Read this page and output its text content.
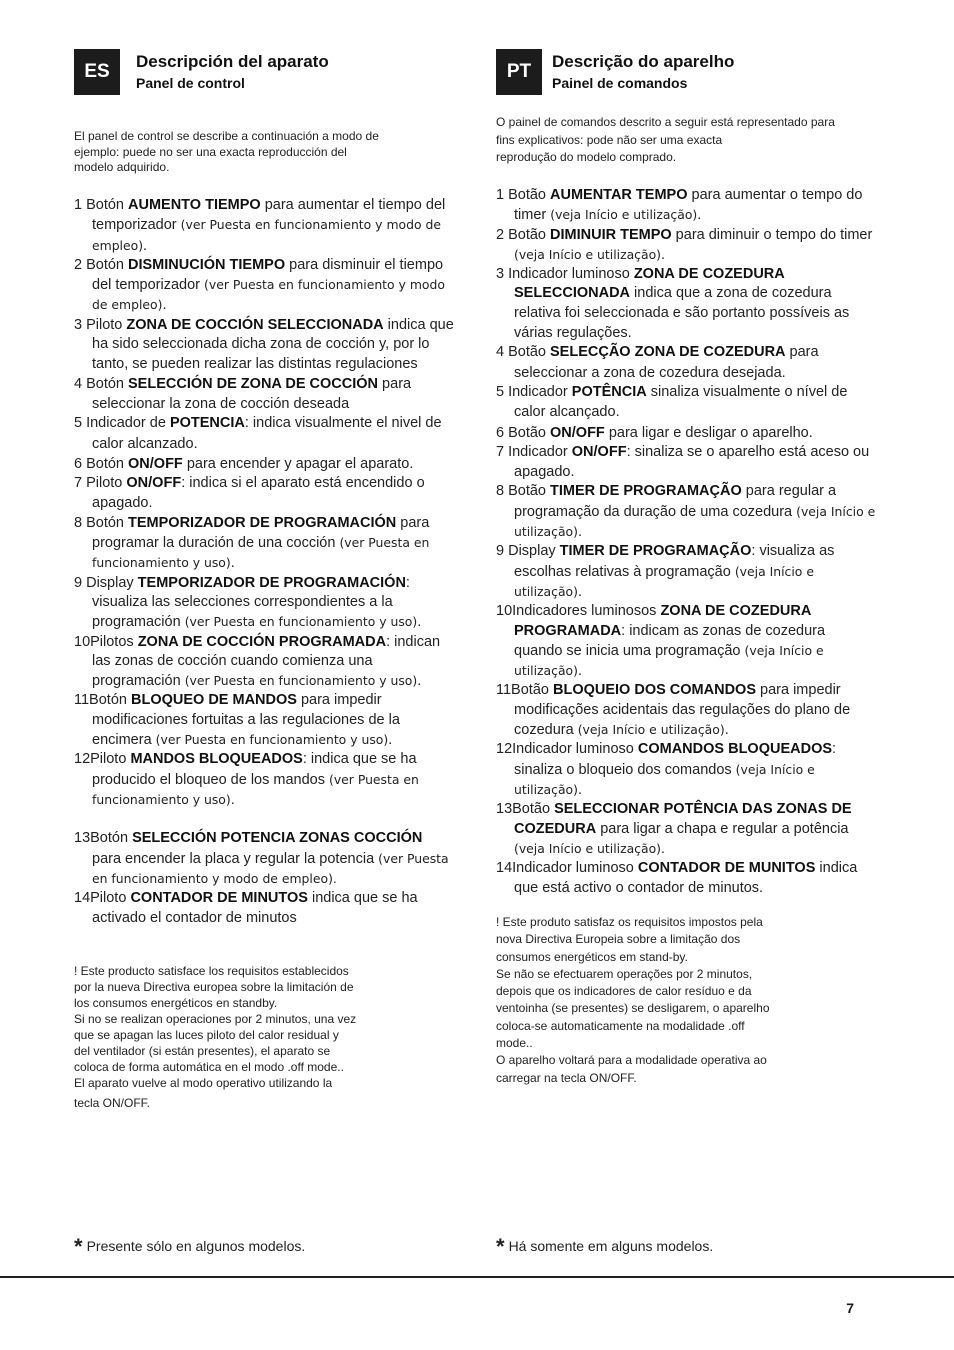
ES	Descripción del aparato
Panel de control

El panel de control se describe a continuación a modo de
ejemplo: puede no ser una exacta reproducción del
modelo adquirido.

1 Botón AUMENTO TIEMPO para aumentar el tiempo del temporizador (ver Puesta en funcionamiento y modo de empleo).
2 Botón DISMINUCIÓN TIEMPO para disminuir el tiempo del temporizador (ver Puesta en funcionamiento y modo de empleo).
3 Piloto ZONA DE COCCIÓN SELECCIONADA indica que ha sido seleccionada dicha zona de cocción y, por lo tanto, se pueden realizar las distintas regulaciones
4 Botón SELECCIÓN DE ZONA DE COCCIÓN para seleccionar la zona de cocción deseada
5 Indicador de POTENCIA: indica visualmente el nivel de calor alcanzado.
6 Botón ON/OFF para encender y apagar el aparato.
7 Piloto ON/OFF: indica si el aparato está encendido o apagado.
8 Botón TEMPORIZADOR DE PROGRAMACIÓN para programar la duración de una cocción (ver Puesta en funcionamiento y uso).
9 Display TEMPORIZADOR DE PROGRAMACIÓN: visualiza las selecciones correspondientes a la programación (ver Puesta en funcionamiento y uso).
10Pilotos ZONA DE COCCIÓN PROGRAMADA: indican las zonas de cocción cuando comienza una programación (ver Puesta en funcionamiento y uso).
11Botón BLOQUEO DE MANDOS para impedir modificaciones fortuitas a las regulaciones de la encimera (ver Puesta en funcionamiento y uso).
12Piloto MANDOS BLOQUEADOS: indica que se ha producido el bloqueo de los mandos (ver Puesta en funcionamiento y uso).
13Botón SELECCIÓN POTENCIA ZONAS COCCIÓN para encender la placa y regular la potencia (ver Puesta en funcionamiento y modo de empleo).
14Piloto CONTADOR DE MINUTOS indica que se ha activado el contador de minutos

! Este producto satisface los requisitos establecidos
por la nueva Directiva europea sobre la limitación de
los consumos energéticos en standby.
Si no se realizan operaciones por 2 minutos, una vez
que se apagan las luces piloto del calor residual y
del ventilador (si están presentes), el aparato se
coloca de forma automática en el modo .off mode..
El aparato vuelve al modo operativo utilizando la
tecla ON/OFF.

* Presente sólo en algunos modelos.
PT	Descrição do aparelho
Painel de comandos

O painel de comandos descrito a seguir está representado para
fins explicativos: pode não ser uma exacta
reprodução do modelo comprado.

1 Botão AUMENTAR TEMPO para aumentar o tempo do timer (veja Início e utilização).
2 Botão DIMINUIR TEMPO para diminuir o tempo do timer (veja Início e utilização).
3 Indicador luminoso ZONA DE COZEDURA SELECCIONADA indica que a zona de cozedura relativa foi seleccionada e são portanto possíveis as várias regulações.
4 Botão SELECÇÃO ZONA DE COZEDURA para seleccionar a zona de cozedura desejada.
5 Indicador POTÊNCIA sinaliza visualmente o nível de calor alcançado.
6 Botão ON/OFF para ligar e desligar o aparelho.
7 Indicador ON/OFF: sinaliza se o aparelho está aceso ou apagado.
8 Botão TIMER DE PROGRAMAÇÃO para regular a programação da duração de uma cozedura (veja Início e utilização).
9 Display TIMER DE PROGRAMAÇÃO: visualiza as escolhas relativas à programação (veja Início e utilização).
10Indicadores luminosos ZONA DE COZEDURA PROGRAMADA: indicam as zonas de cozedura quando se inicia uma programação (veja Início e utilização).
11Botão BLOQUEIO DOS COMANDOS para impedir modificações acidentais das regulações do plano de cozedura (veja Início e utilização).
12Indicador luminoso COMANDOS BLOQUEADOS: sinaliza o bloqueio dos comandos (veja Início e utilização).
13Botão SELECCIONAR POTÊNCIA DAS ZONAS DE COZEDURA para ligar a chapa e regular a potência (veja Início e utilização).
14Indicador luminoso CONTADOR DE MUNITOS indica que está activo o contador de minutos.

! Este produto satisfaz os requisitos impostos pela
nova Directiva Europeia sobre a limitação dos
consumos energéticos em stand-by.
Se não se efectuarem operações por 2 minutos,
depois que os indicadores de calor resíduo e da
ventoinha (se presentes) se desligarem, o aparelho
coloca-se automaticamente na modalidade .off
mode..
O aparelho voltará para a modalidade operativa ao
carregar na tecla ON/OFF.

* Há somente em alguns modelos.
7
